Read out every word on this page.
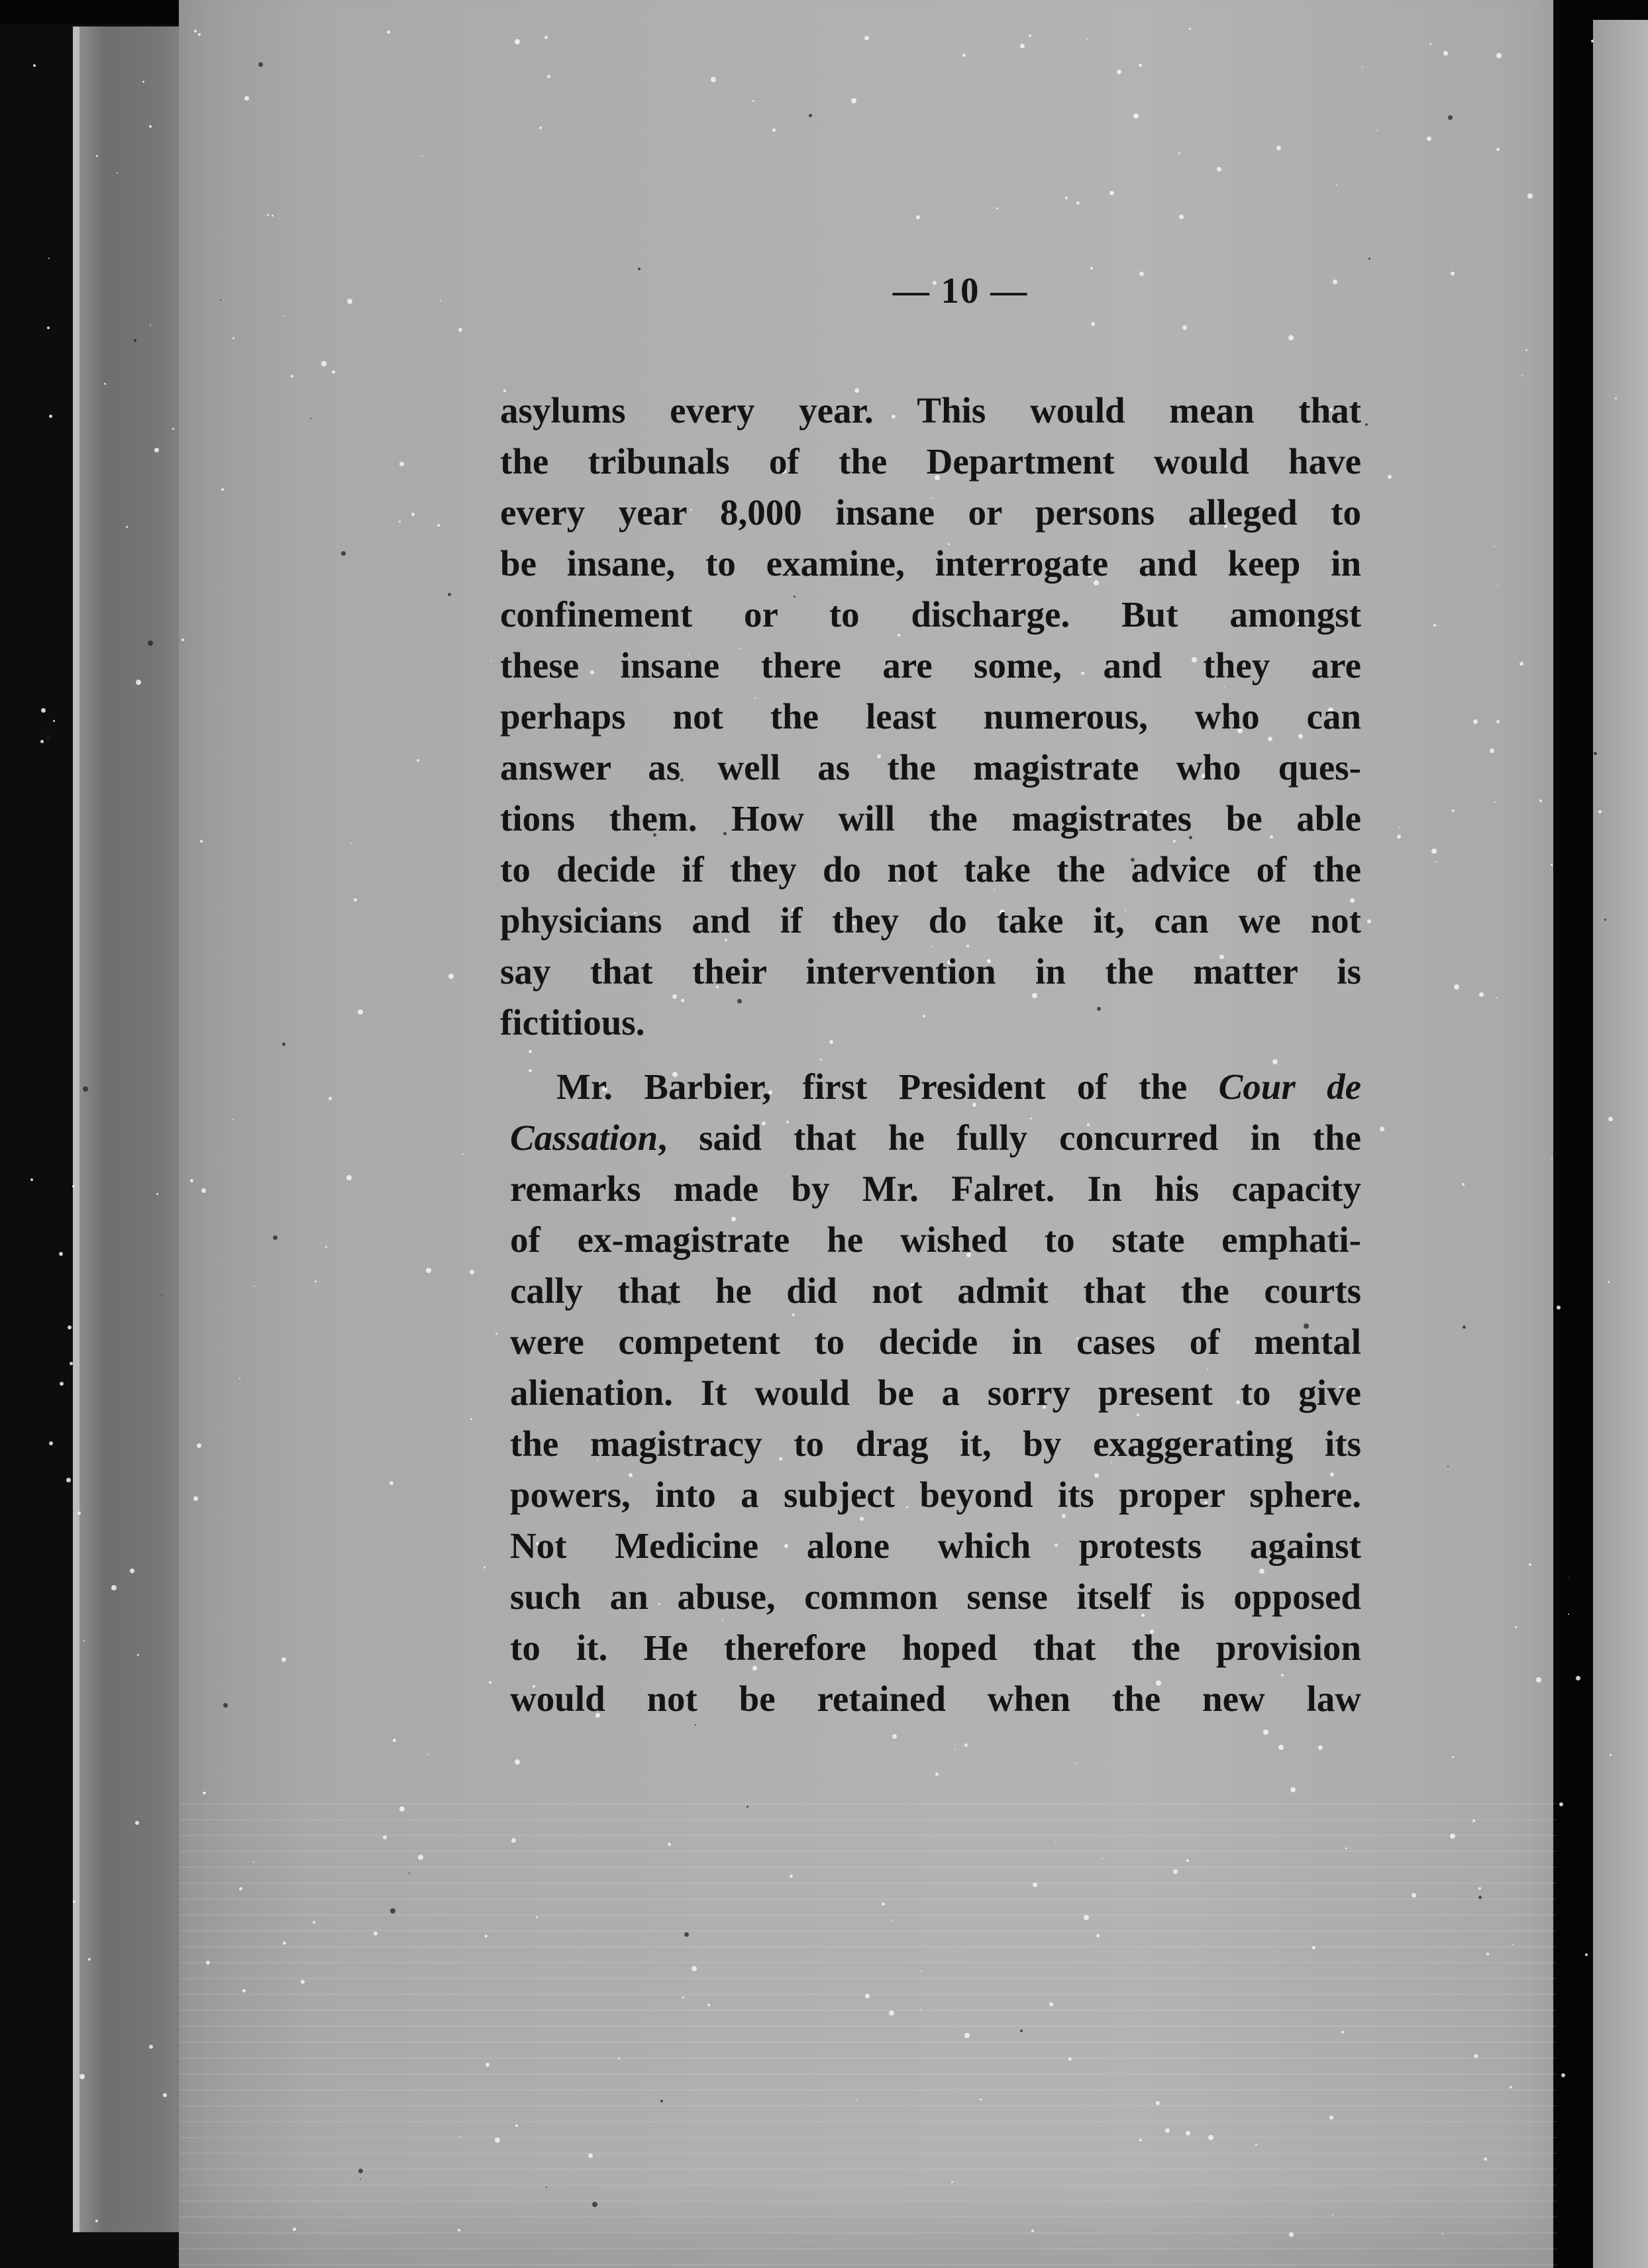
— 10 —
asylums every year. This would mean that
the tribunals of the Department would have
every year 8,000 insane or persons alleged to
be insane, to examine, interrogate and keep in
confinement or to discharge. But amongst
these insane there are some, and they are
perhaps not the least numerous, who can
answer as well as the magistrate who ques-
tions them. How will the magistrates be able
to decide if they do not take the advice of the
physicians and if they do take it, can we not
say that their intervention in the matter is
fictitious.
Mr. Barbier, first President of the Cour de
Cassation, said that he fully concurred in the
remarks made by Mr. Falret. In his capacity
of ex-magistrate he wished to state emphati-
cally that he did not admit that the courts
were competent to decide in cases of mental
alienation. It would be a sorry present to give
the magistracy to drag it, by exaggerating its
powers, into a subject beyond its proper sphere.
Not Medicine alone which protests against
such an abuse, common sense itself is opposed
to it. He therefore hoped that the provision
would not be retained when the new law
